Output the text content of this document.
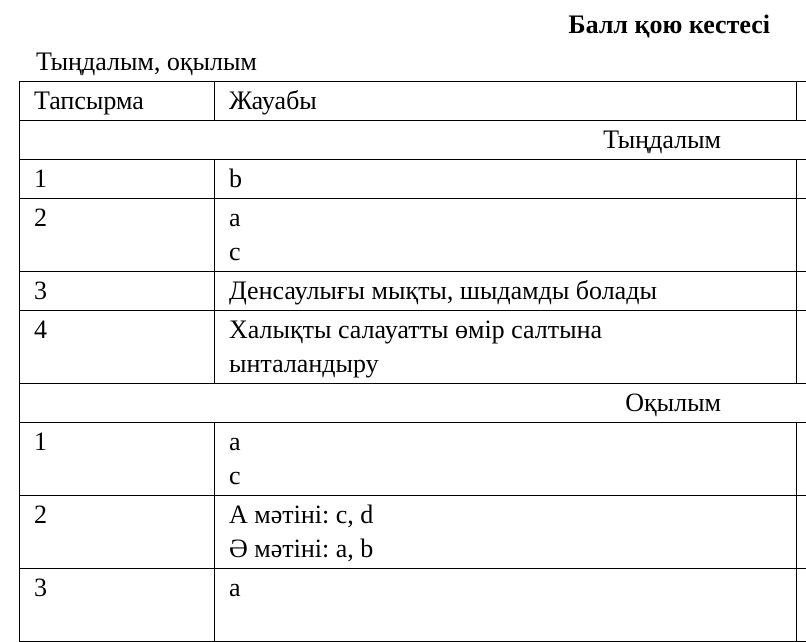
Балл қою кестесі
Тыңдалым, оқылым
Тапсырма	Жауабы	

Тыңдалым		

1	b	

2	a
c	

3	Денсаулығы мықты, шыдамды болады	

4	Халықты салауатты өмір салтына
ынталандыру	

Оқылым		

1	a
c	

2	А мәтіні: c, d
Ә мәтіні: a, b	

3	a	
